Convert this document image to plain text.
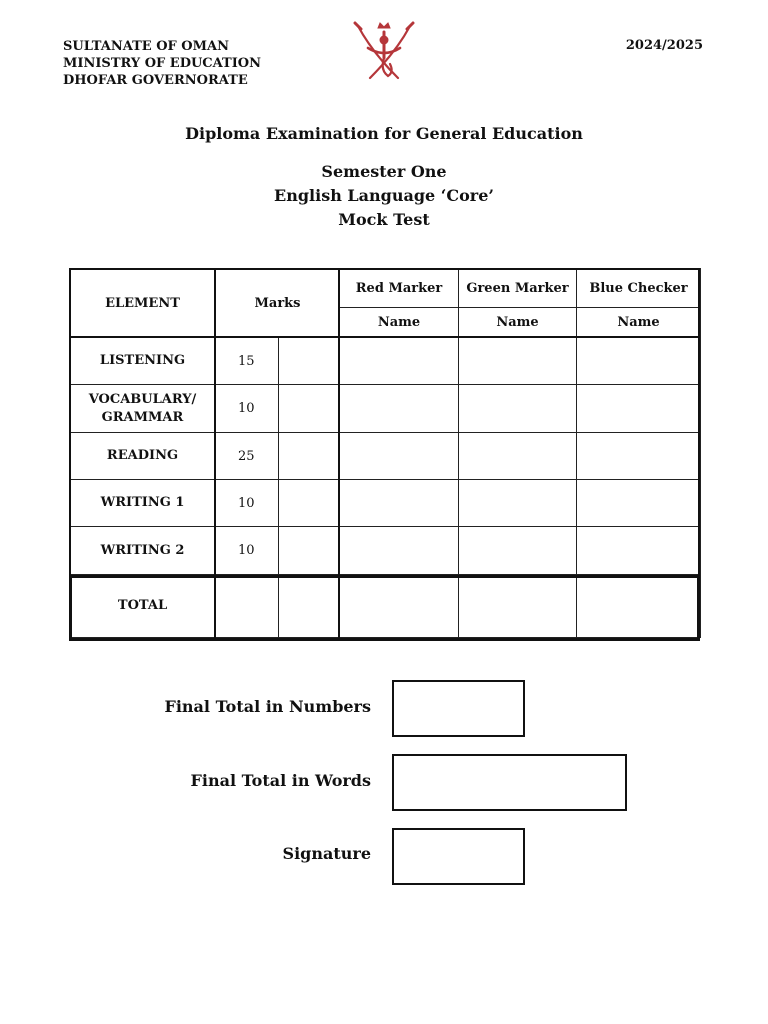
SULTANATE OF OMAN
MINISTRY OF EDUCATION
DHOFAR GOVERNORATE
2024/2025
Diploma Examination for General Education
Semester One
English Language ‘Core’
Mock Test
ELEMENT	Marks		Red Marker	Green Marker	Blue Checker
			Name	Name	Name
LISTENING	15				
VOCABULARY/ GRAMMAR	10				
READING	25				
WRITING 1	10				
WRITING 2	10				
TOTAL					
Final Total in Numbers
Final Total in Words
Signature
